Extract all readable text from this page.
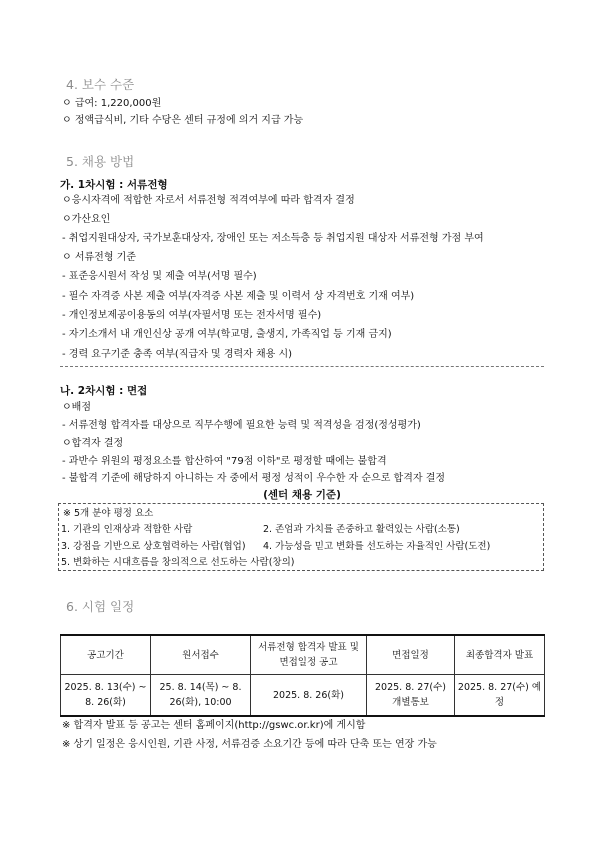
4. 보수 수준
ㅇ 급여: 1,220,000원
ㅇ 정액급식비, 기타 수당은 센터 규정에 의거 지급 가능
5. 채용 방법
가. 1차시험 : 서류전형
ㅇ응시자격에 적합한 자로서 서류전형 적격여부에 따라 합격자 결정
ㅇ가산요인
- 취업지원대상자, 국가보훈대상자, 장애인 또는 저소득층 등 취업지원 대상자 서류전형 가점 부여
ㅇ 서류전형 기준
- 표준응시원서 작성 및 제출 여부(서명 필수)
- 필수 자격증 사본 제출 여부(자격증 사본 제출 및 이력서 상 자격번호 기재 여부)
- 개인정보제공이용동의 여부(자필서명 또는 전자서명 필수)
- 자기소개서 내 개인신상 공개 여부(학교명, 출생지, 가족직업 등 기재 금지)
- 경력 요구기준 충족 여부(직급자 및 경력자 채용 시)
나. 2차시험 : 면접
ㅇ배점
- 서류전형 합격자를 대상으로 직무수행에 필요한 능력 및 적격성을 검정(정성평가)
ㅇ합격자 결정
- 과반수 위원의 평정요소를 합산하여 "79점 이하"로 평정할 때에는 불합격
- 불합격 기준에 해당하지 아니하는 자 중에서 평정 성적이 우수한 자 순으로 합격자 결정
(센터 채용 기준)
※ 5개 분야 평정 요소
1. 기관의 인재상과 적합한 사람	2. 존엄과 가치를 존중하고 활력있는 사람(소통)
3. 강점을 기반으로 상호협력하는 사람(협업) 4. 가능성을 믿고 변화를 선도하는 자율적인 사람(도전)
5. 변화하는 시대흐름을 창의적으로 선도하는 사람(창의)
6. 시험 일정
공고기간	원서접수	서류전형 합격자 발표 및 면접일정 공고	면접일정	최종합격자 발표
2025. 8. 13(수) ~ 8. 26(화)	25. 8. 14(목) ~ 8. 26(화), 10:00	2025. 8. 26(화)	2025. 8. 27(수) 개별통보	2025. 8. 27(수) 예정
※ 합격자 발표 등 공고는 센터 홈페이지(http://gswc.or.kr)에 게시함
※ 상기 일정은 응시인원, 기관 사정, 서류검증 소요기간 등에 따라 단축 또는 연장 가능
